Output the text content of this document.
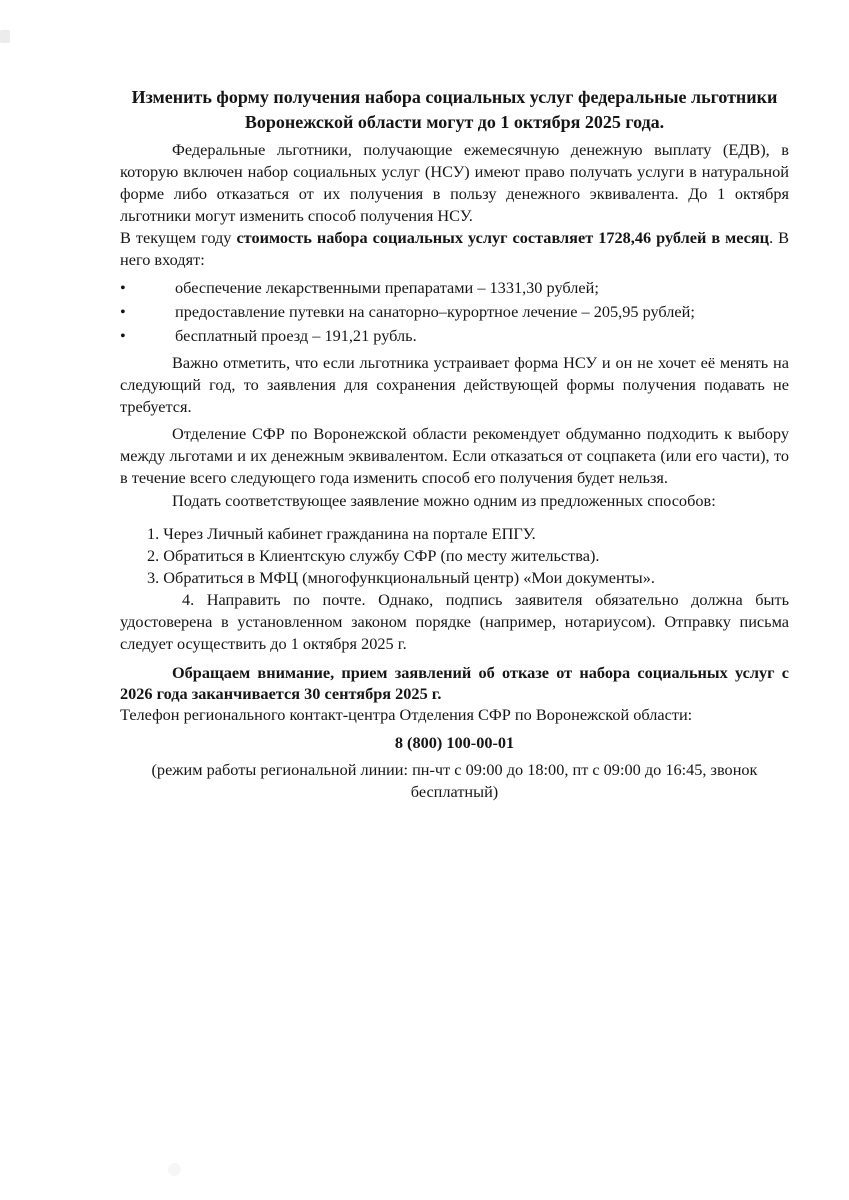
Изменить форму получения набора социальных услуг федеральные льготники Воронежской области могут до 1 октября 2025 года.

Федеральные льготники, получающие ежемесячную денежную выплату (ЕДВ), в которую включен набор социальных услуг (НСУ) имеют право получать услуги в натуральной форме либо отказаться от их получения в пользу денежного эквивалента. До 1 октября льготники могут изменить способ получения НСУ.

В текущем году стоимость набора социальных услуг составляет 1728,46 рублей в месяц. В него входят:

•	обеспечение лекарственными препаратами – 1331,30 рублей;
•	предоставление путевки на санаторно–курортное лечение – 205,95 рублей;
•	бесплатный проезд – 191,21 рубль.

Важно отметить, что если льготника устраивает форма НСУ и он не хочет её менять на следующий год, то заявления для сохранения действующей формы получения подавать не требуется.

Отделение СФР по Воронежской области рекомендует обдуманно подходить к выбору между льготами и их денежным эквивалентом. Если отказаться от соцпакета (или его части), то в течение всего следующего года изменить способ его получения будет нельзя.

Подать соответствующее заявление можно одним из предложенных способов:

1. Через Личный кабинет гражданина на портале ЕПГУ.
2. Обратиться в Клиентскую службу СФР (по месту жительства).
3. Обратиться в МФЦ (многофункциональный центр) «Мои документы».

4. Направить по почте. Однако, подпись заявителя обязательно должна быть удостоверена в установленном законом порядке (например, нотариусом). Отправку письма следует осуществить до 1 октября 2025 г.

Обращаем внимание, прием заявлений об отказе от набора социальных услуг с 2026 года заканчивается 30 сентября 2025 г.

Телефон регионального контакт-центра Отделения СФР по Воронежской области:

8 (800) 100-00-01

(режим работы региональной линии: пн-чт с 09:00 до 18:00, пт с 09:00 до 16:45, звонок бесплатный)
